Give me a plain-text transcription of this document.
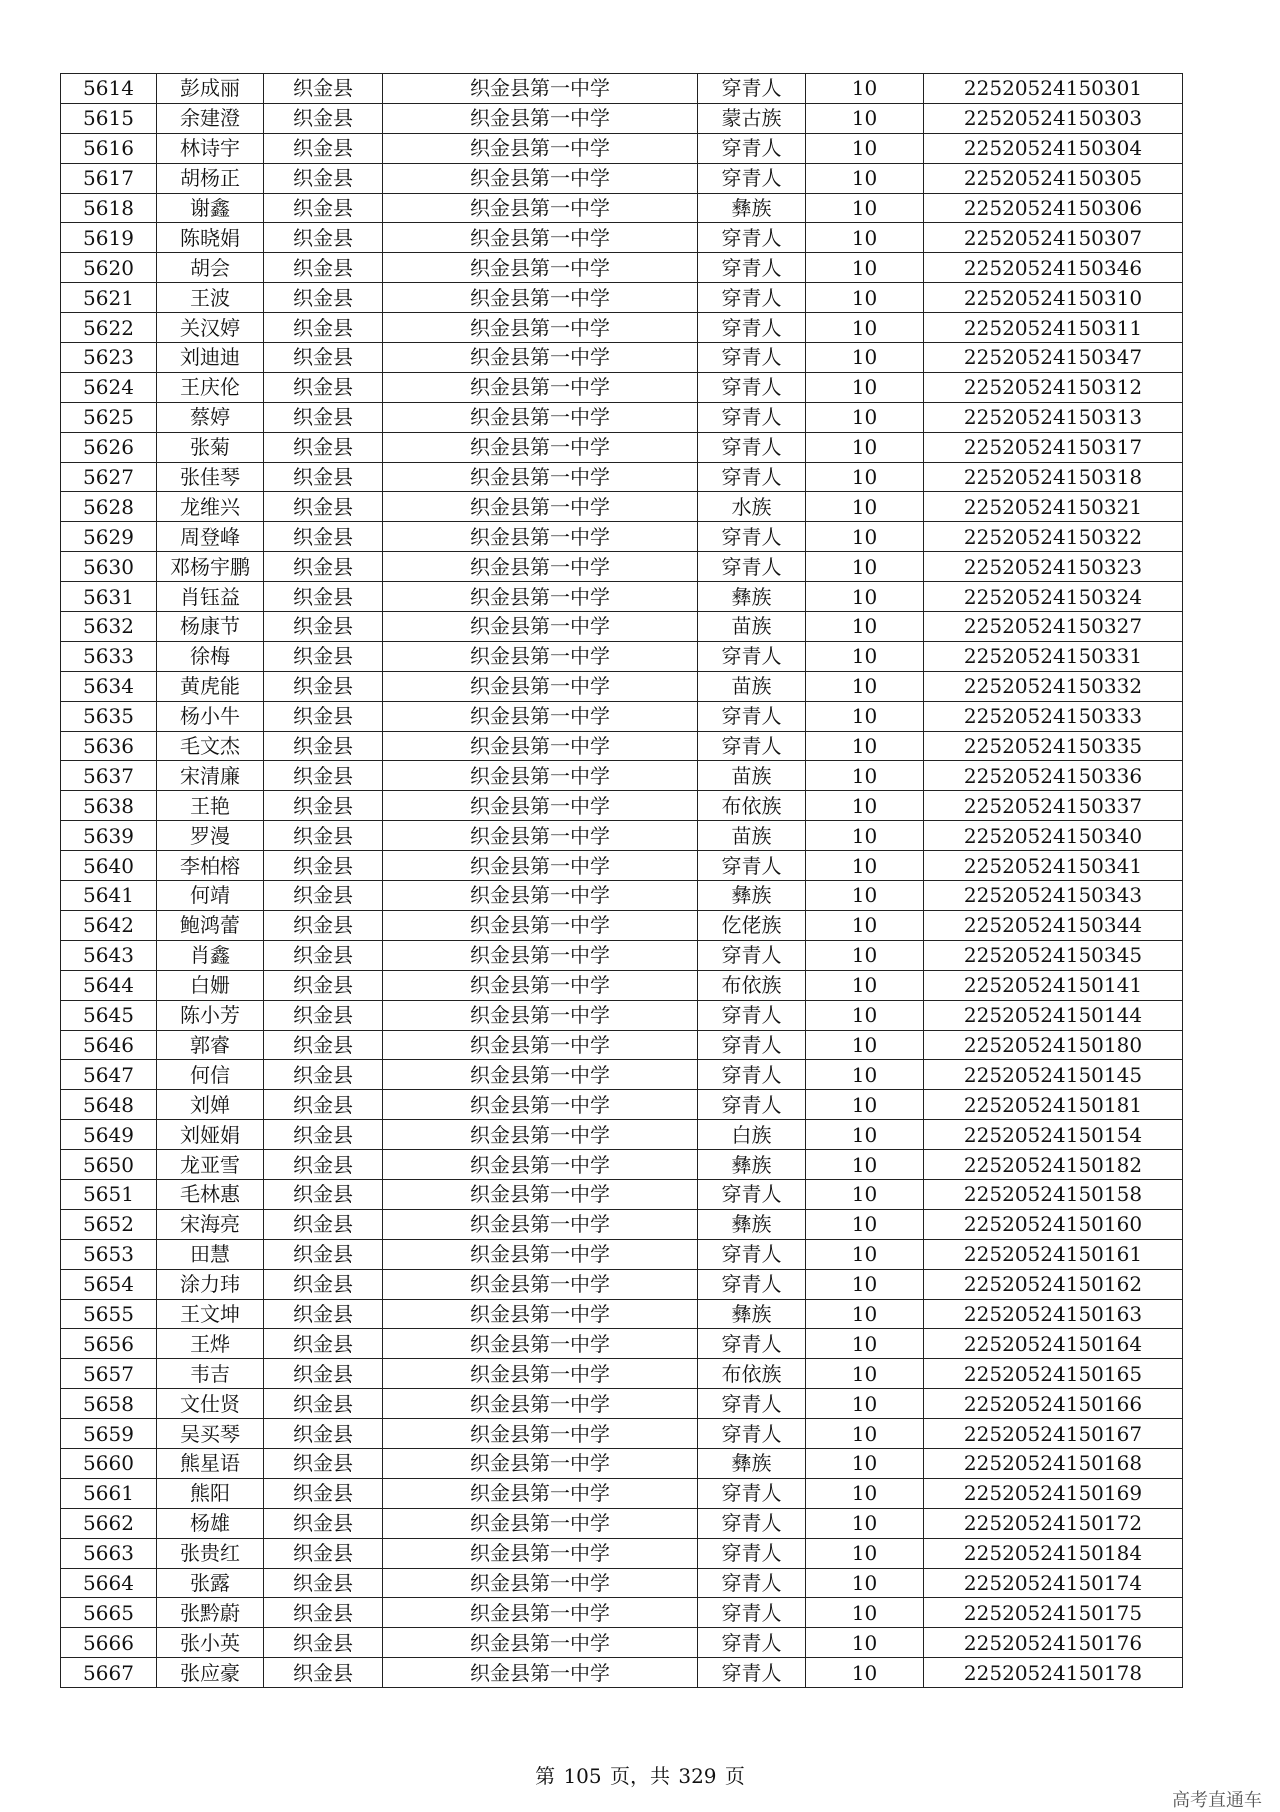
5614	彭成丽	织金县	织金县第一中学	穿青人	10	22520524150301
5615	余建澄	织金县	织金县第一中学	蒙古族	10	22520524150303
5616	林诗宇	织金县	织金县第一中学	穿青人	10	22520524150304
5617	胡杨正	织金县	织金县第一中学	穿青人	10	22520524150305
5618	谢鑫	织金县	织金县第一中学	彝族	10	22520524150306
5619	陈晓娟	织金县	织金县第一中学	穿青人	10	22520524150307
5620	胡会	织金县	织金县第一中学	穿青人	10	22520524150346
5621	王波	织金县	织金县第一中学	穿青人	10	22520524150310
5622	关汉婷	织金县	织金县第一中学	穿青人	10	22520524150311
5623	刘迪迪	织金县	织金县第一中学	穿青人	10	22520524150347
5624	王庆伦	织金县	织金县第一中学	穿青人	10	22520524150312
5625	蔡婷	织金县	织金县第一中学	穿青人	10	22520524150313
5626	张菊	织金县	织金县第一中学	穿青人	10	22520524150317
5627	张佳琴	织金县	织金县第一中学	穿青人	10	22520524150318
5628	龙维兴	织金县	织金县第一中学	水族	10	22520524150321
5629	周登峰	织金县	织金县第一中学	穿青人	10	22520524150322
5630	邓杨宇鹏	织金县	织金县第一中学	穿青人	10	22520524150323
5631	肖钰益	织金县	织金县第一中学	彝族	10	22520524150324
5632	杨康节	织金县	织金县第一中学	苗族	10	22520524150327
5633	徐梅	织金县	织金县第一中学	穿青人	10	22520524150331
5634	黄虎能	织金县	织金县第一中学	苗族	10	22520524150332
5635	杨小牛	织金县	织金县第一中学	穿青人	10	22520524150333
5636	毛文杰	织金县	织金县第一中学	穿青人	10	22520524150335
5637	宋清廉	织金县	织金县第一中学	苗族	10	22520524150336
5638	王艳	织金县	织金县第一中学	布依族	10	22520524150337
5639	罗漫	织金县	织金县第一中学	苗族	10	22520524150340
5640	李柏榕	织金县	织金县第一中学	穿青人	10	22520524150341
5641	何靖	织金县	织金县第一中学	彝族	10	22520524150343
5642	鲍鸿蕾	织金县	织金县第一中学	仡佬族	10	22520524150344
5643	肖鑫	织金县	织金县第一中学	穿青人	10	22520524150345
5644	白姗	织金县	织金县第一中学	布依族	10	22520524150141
5645	陈小芳	织金县	织金县第一中学	穿青人	10	22520524150144
5646	郭睿	织金县	织金县第一中学	穿青人	10	22520524150180
5647	何信	织金县	织金县第一中学	穿青人	10	22520524150145
5648	刘婵	织金县	织金县第一中学	穿青人	10	22520524150181
5649	刘娅娟	织金县	织金县第一中学	白族	10	22520524150154
5650	龙亚雪	织金县	织金县第一中学	彝族	10	22520524150182
5651	毛林惠	织金县	织金县第一中学	穿青人	10	22520524150158
5652	宋海亮	织金县	织金县第一中学	彝族	10	22520524150160
5653	田慧	织金县	织金县第一中学	穿青人	10	22520524150161
5654	涂力玮	织金县	织金县第一中学	穿青人	10	22520524150162
5655	王文坤	织金县	织金县第一中学	彝族	10	22520524150163
5656	王烨	织金县	织金县第一中学	穿青人	10	22520524150164
5657	韦吉	织金县	织金县第一中学	布依族	10	22520524150165
5658	文仕贤	织金县	织金县第一中学	穿青人	10	22520524150166
5659	吴买琴	织金县	织金县第一中学	穿青人	10	22520524150167
5660	熊星语	织金县	织金县第一中学	彝族	10	22520524150168
5661	熊阳	织金县	织金县第一中学	穿青人	10	22520524150169
5662	杨雄	织金县	织金县第一中学	穿青人	10	22520524150172
5663	张贵红	织金县	织金县第一中学	穿青人	10	22520524150184
5664	张露	织金县	织金县第一中学	穿青人	10	22520524150174
5665	张黔蔚	织金县	织金县第一中学	穿青人	10	22520524150175
5666	张小英	织金县	织金县第一中学	穿青人	10	22520524150176
5667	张应豪	织金县	织金县第一中学	穿青人	10	22520524150178
第 105 页，共 329 页
高考直通车
